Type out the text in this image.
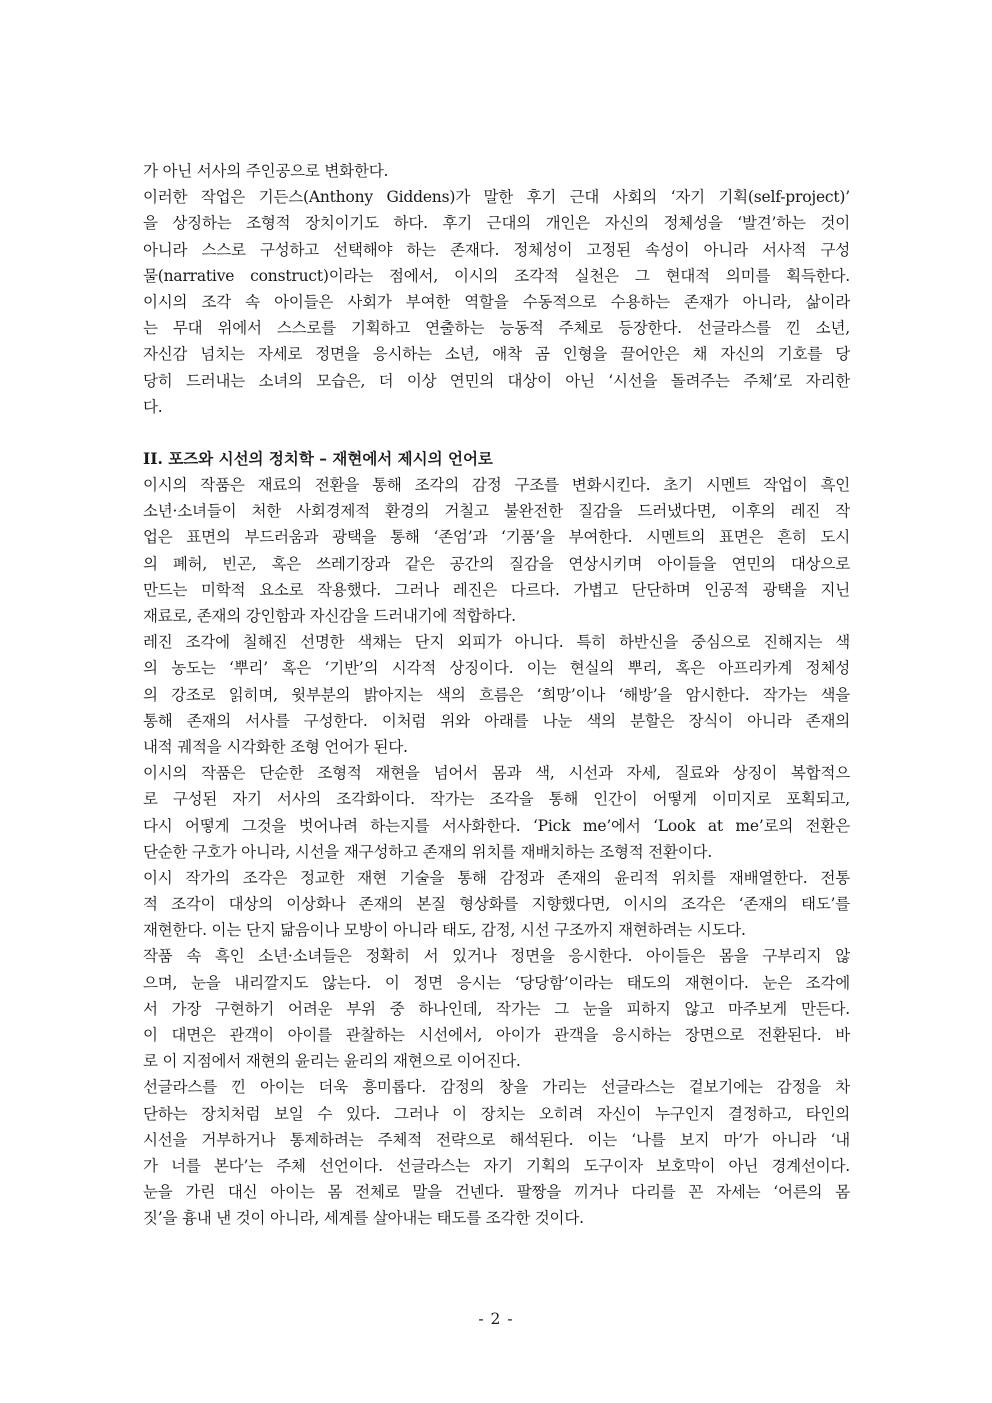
가 아닌 서사의 주인공으로 변화한다.
이러한 작업은 기든스(Anthony Giddens)가 말한 후기 근대 사회의 ‘자기 기획(self-project)’
을 상징하는 조형적 장치이기도 하다. 후기 근대의 개인은 자신의 정체성을 ‘발견’하는 것이
아니라 스스로 구성하고 선택해야 하는 존재다. 정체성이 고정된 속성이 아니라 서사적 구성
물(narrative construct)이라는 점에서, 이시의 조각적 실천은 그 현대적 의미를 획득한다.
이시의 조각 속 아이들은 사회가 부여한 역할을 수동적으로 수용하는 존재가 아니라, 삶이라
는 무대 위에서 스스로를 기획하고 연출하는 능동적 주체로 등장한다. 선글라스를 낀 소년,
자신감 넘치는 자세로 정면을 응시하는 소년, 애착 곰 인형을 끌어안은 채 자신의 기호를 당
당히 드러내는 소녀의 모습은, 더 이상 연민의 대상이 아닌 ‘시선을 돌려주는 주체’로 자리한
다.
II. 포즈와 시선의 정치학 – 재현에서 제시의 언어로
이시의 작품은 재료의 전환을 통해 조각의 감정 구조를 변화시킨다. 초기 시멘트 작업이 흑인
소년·소녀들이 처한 사회경제적 환경의 거칠고 불완전한 질감을 드러냈다면, 이후의 레진 작
업은 표면의 부드러움과 광택을 통해 ‘존엄’과 ‘기품’을 부여한다. 시멘트의 표면은 흔히 도시
의 폐허, 빈곤, 혹은 쓰레기장과 같은 공간의 질감을 연상시키며 아이들을 연민의 대상으로
만드는 미학적 요소로 작용했다. 그러나 레진은 다르다. 가볍고 단단하며 인공적 광택을 지닌
재료로, 존재의 강인함과 자신감을 드러내기에 적합하다.
레진 조각에 칠해진 선명한 색채는 단지 외피가 아니다. 특히 하반신을 중심으로 진해지는 색
의 농도는 ‘뿌리’ 혹은 ‘기반’의 시각적 상징이다. 이는 현실의 뿌리, 혹은 아프리카계 정체성
의 강조로 읽히며, 윗부분의 밝아지는 색의 흐름은 ‘희망’이나 ‘해방’을 암시한다. 작가는 색을
통해 존재의 서사를 구성한다. 이처럼 위와 아래를 나눈 색의 분할은 장식이 아니라 존재의
내적 궤적을 시각화한 조형 언어가 된다.
이시의 작품은 단순한 조형적 재현을 넘어서 몸과 색, 시선과 자세, 질료와 상징이 복합적으
로 구성된 자기 서사의 조각화이다. 작가는 조각을 통해 인간이 어떻게 이미지로 포획되고,
다시 어떻게 그것을 벗어나려 하는지를 서사화한다. ‘Pick me’에서 ‘Look at me’로의 전환은
단순한 구호가 아니라, 시선을 재구성하고 존재의 위치를 재배치하는 조형적 전환이다.
이시 작가의 조각은 정교한 재현 기술을 통해 감정과 존재의 윤리적 위치를 재배열한다. 전통
적 조각이 대상의 이상화나 존재의 본질 형상화를 지향했다면, 이시의 조각은 ‘존재의 태도’를
재현한다. 이는 단지 닮음이나 모방이 아니라 태도, 감정, 시선 구조까지 재현하려는 시도다.
작품 속 흑인 소년·소녀들은 정확히 서 있거나 정면을 응시한다. 아이들은 몸을 구부리지 않
으며, 눈을 내리깔지도 않는다. 이 정면 응시는 ‘당당함’이라는 태도의 재현이다. 눈은 조각에
서 가장 구현하기 어려운 부위 중 하나인데, 작가는 그 눈을 피하지 않고 마주보게 만든다.
이 대면은 관객이 아이를 관찰하는 시선에서, 아이가 관객을 응시하는 장면으로 전환된다. 바
로 이 지점에서 재현의 윤리는 윤리의 재현으로 이어진다.
선글라스를 낀 아이는 더욱 흥미롭다. 감정의 창을 가리는 선글라스는 겉보기에는 감정을 차
단하는 장치처럼 보일 수 있다. 그러나 이 장치는 오히려 자신이 누구인지 결정하고, 타인의
시선을 거부하거나 통제하려는 주체적 전략으로 해석된다. 이는 ‘나를 보지 마’가 아니라 ‘내
가 너를 본다’는 주체 선언이다. 선글라스는 자기 기획의 도구이자 보호막이 아닌 경계선이다.
눈을 가린 대신 아이는 몸 전체로 말을 건넨다. 팔짱을 끼거나 다리를 꼰 자세는 ‘어른의 몸
짓’을 흉내 낸 것이 아니라, 세계를 살아내는 태도를 조각한 것이다.
- 2 -
